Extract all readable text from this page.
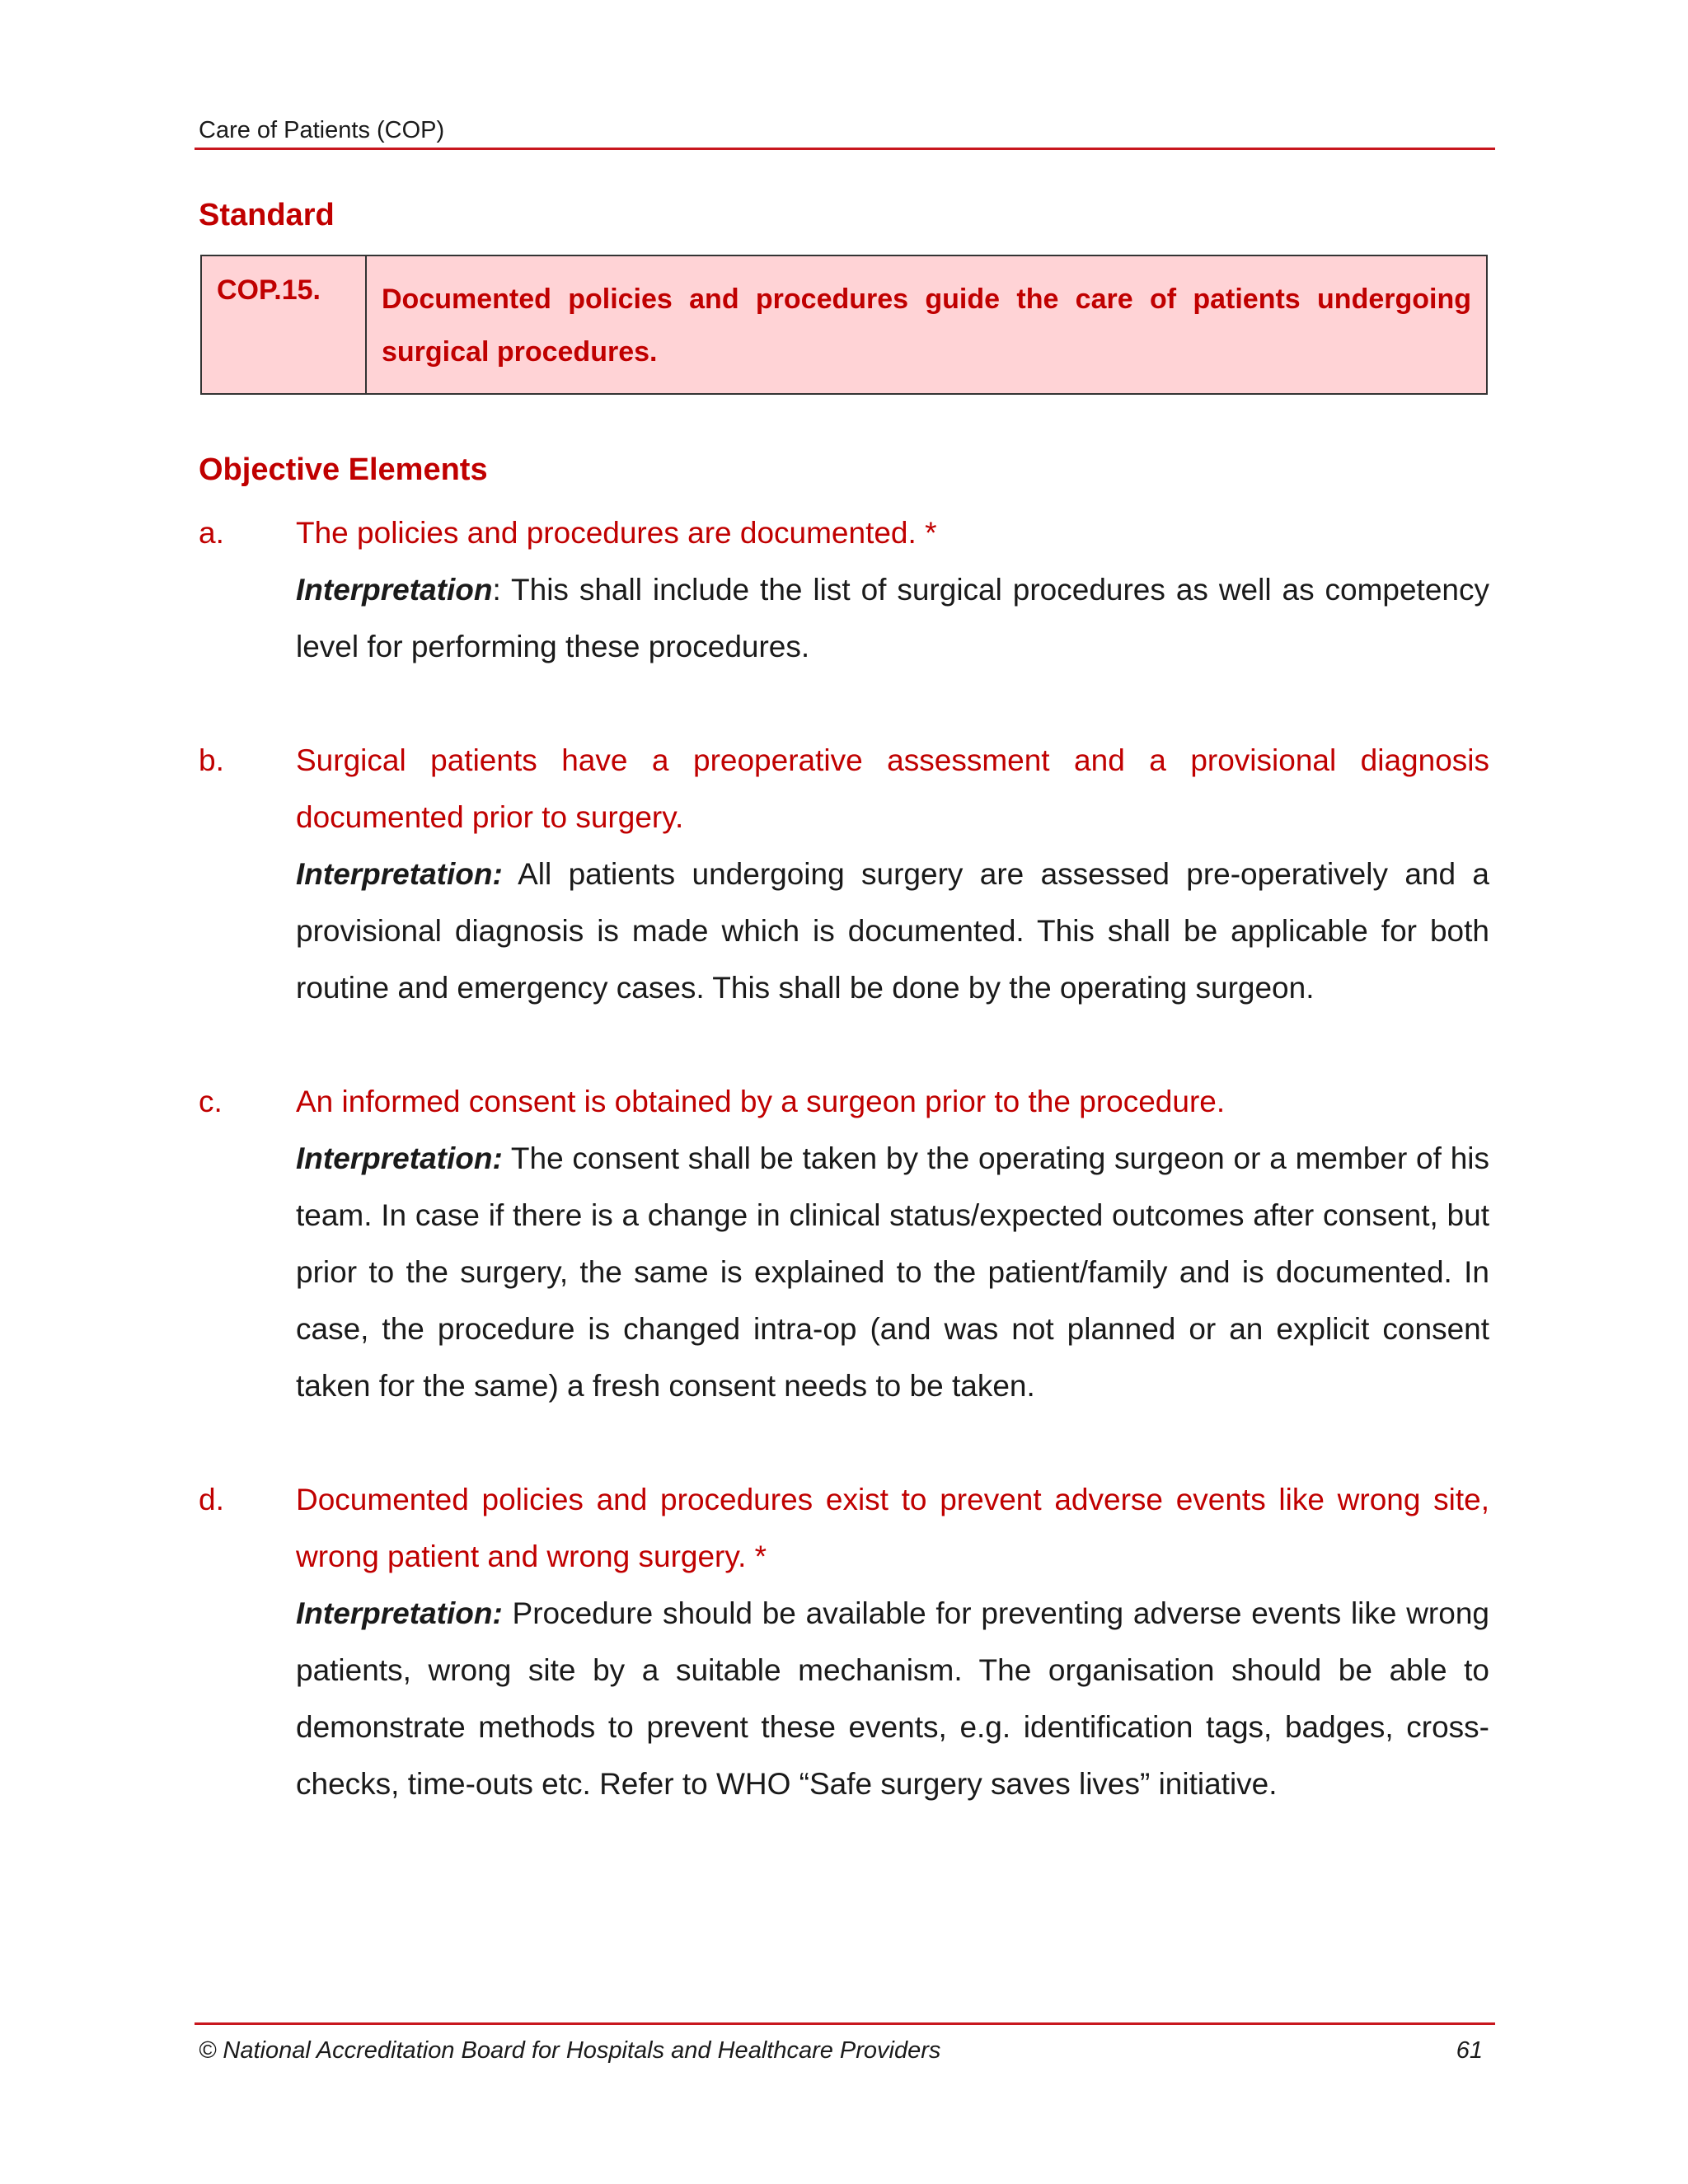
Care of Patients (COP)
Standard
COP.15.	Documented policies and procedures guide the care of patients undergoing surgical procedures.
Objective Elements
a. The policies and procedures are documented. *
Interpretation: This shall include the list of surgical procedures as well as competency level for performing these procedures.
b. Surgical patients have a preoperative assessment and a provisional diagnosis documented prior to surgery.
Interpretation: All patients undergoing surgery are assessed pre-operatively and a provisional diagnosis is made which is documented. This shall be applicable for both routine and emergency cases. This shall be done by the operating surgeon.
c. An informed consent is obtained by a surgeon prior to the procedure.
Interpretation: The consent shall be taken by the operating surgeon or a member of his team. In case if there is a change in clinical status/expected outcomes after consent, but prior to the surgery, the same is explained to the patient/family and is documented. In case, the procedure is changed intra-op (and was not planned or an explicit consent taken for the same) a fresh consent needs to be taken.
d. Documented policies and procedures exist to prevent adverse events like wrong site, wrong patient and wrong surgery. *
Interpretation: Procedure should be available for preventing adverse events like wrong patients, wrong site by a suitable mechanism. The organisation should be able to demonstrate methods to prevent these events, e.g. identification tags, badges, cross-checks, time-outs etc. Refer to WHO “Safe surgery saves lives” initiative.
© National Accreditation Board for Hospitals and Healthcare Providers	61
